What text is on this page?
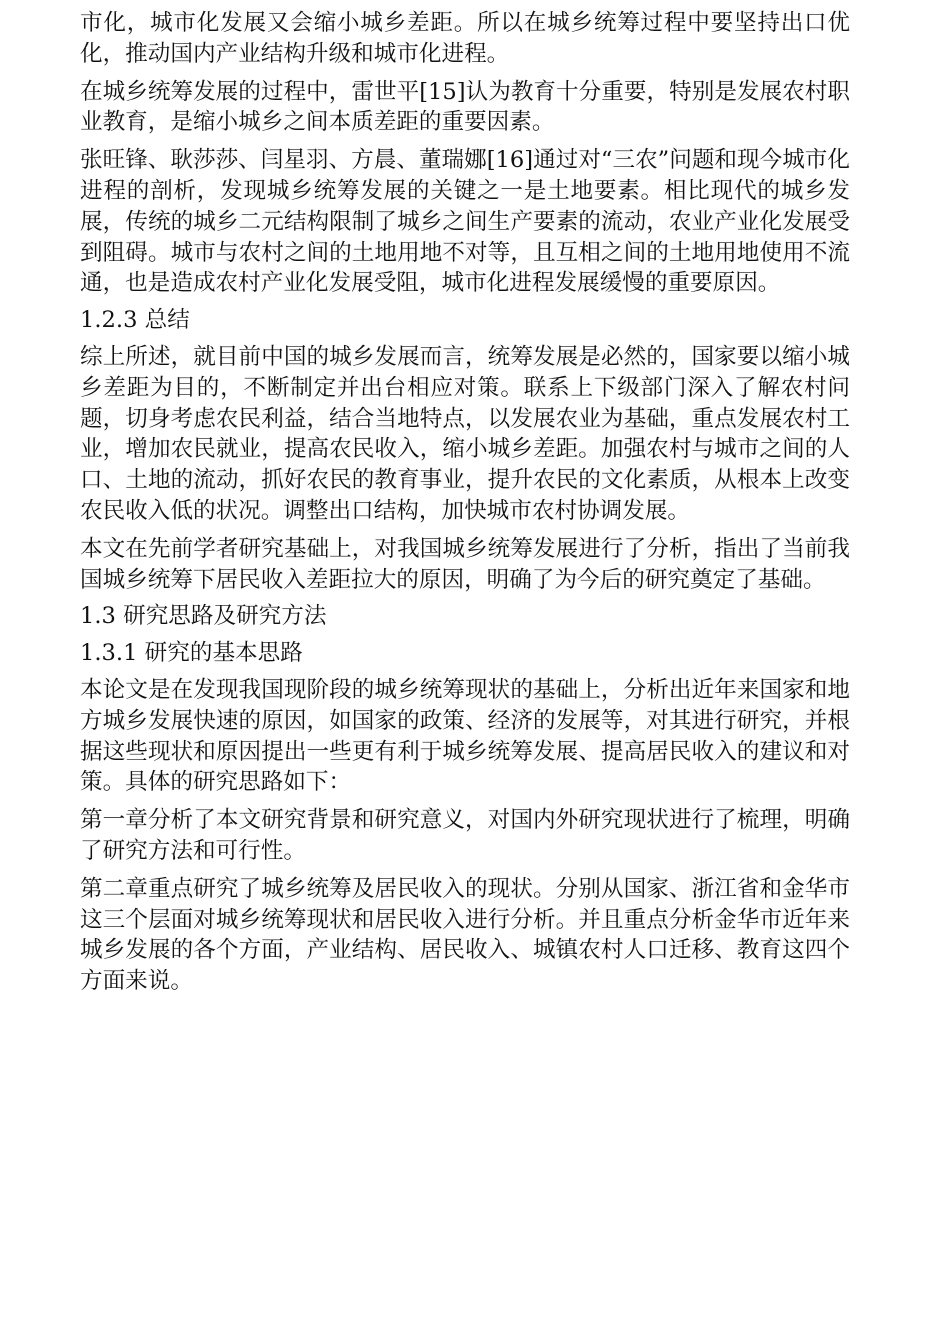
市化，城市化发展又会缩小城乡差距。所以在城乡统筹过程中要坚持出口优化，推动国内产业结构升级和城市化进程。

在城乡统筹发展的过程中，雷世平[15]认为教育十分重要，特别是发展农村职业教育，是缩小城乡之间本质差距的重要因素。

张旺锋、耿莎莎、闫星羽、方晨、董瑞娜[16]通过对“三农”问题和现今城市化进程的剖析，发现城乡统筹发展的关键之一是土地要素。相比现代的城乡发展，传统的城乡二元结构限制了城乡之间生产要素的流动，农业产业化发展受到阻碍。城市与农村之间的土地用地不对等，且互相之间的土地用地使用不流通，也是造成农村产业化发展受阻，城市化进程发展缓慢的重要原因。

1.2.3 总结

综上所述，就目前中国的城乡发展而言，统筹发展是必然的，国家要以缩小城乡差距为目的，不断制定并出台相应对策。联系上下级部门深入了解农村问题，切身考虑农民利益，结合当地特点，以发展农业为基础，重点发展农村工业，增加农民就业，提高农民收入，缩小城乡差距。加强农村与城市之间的人口、土地的流动，抓好农民的教育事业，提升农民的文化素质，从根本上改变农民收入低的状况。调整出口结构，加快城市农村协调发展。

本文在先前学者研究基础上，对我国城乡统筹发展进行了分析，指出了当前我国城乡统筹下居民收入差距拉大的原因，明确了为今后的研究奠定了基础。

1.3 研究思路及研究方法

1.3.1 研究的基本思路

本论文是在发现我国现阶段的城乡统筹现状的基础上，分析出近年来国家和地方城乡发展快速的原因，如国家的政策、经济的发展等，对其进行研究，并根据这些现状和原因提出一些更有利于城乡统筹发展、提高居民收入的建议和对策。具体的研究思路如下：

第一章分析了本文研究背景和研究意义，对国内外研究现状进行了梳理，明确了研究方法和可行性。

第二章重点研究了城乡统筹及居民收入的现状。分别从国家、浙江省和金华市这三个层面对城乡统筹现状和居民收入进行分析。并且重点分析金华市近年来城乡发展的各个方面，产业结构、居民收入、城镇农村人口迁移、教育这四个方面来说。
